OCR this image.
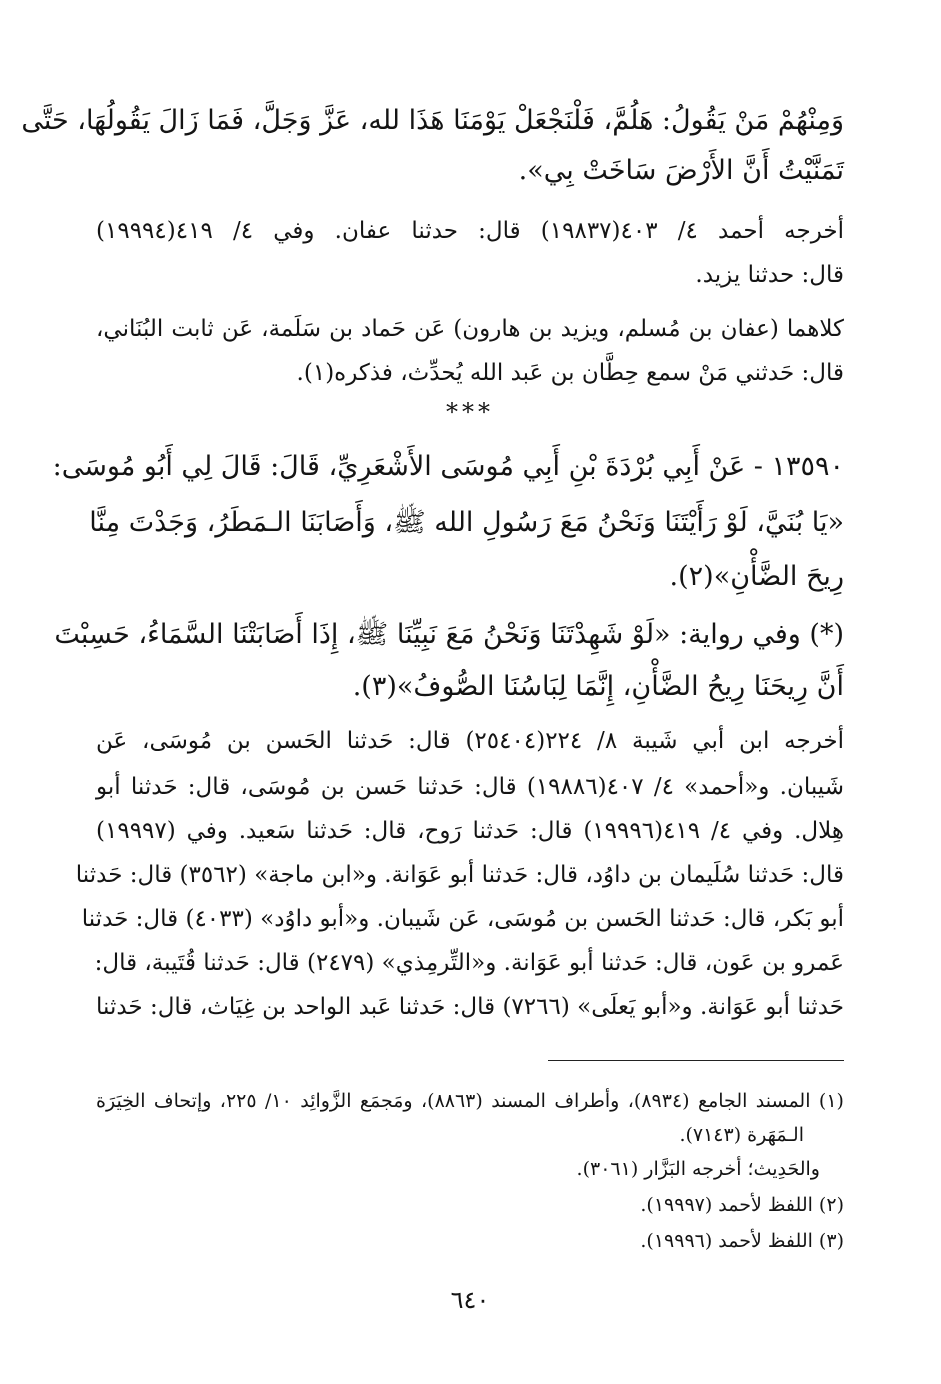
وَمِنْهُمْ مَنْ يَقُولُ: هَلُمَّ، فَلْنَجْعَلْ يَوْمَنَا هَذَا لله، عَزَّ وَجَلَّ، فَمَا زَالَ يَقُولُهَا، حَتَّى
تَمَنَّيْتُ أَنَّ الأَرْضَ سَاخَتْ بِي».
أخرجه أحمد ٤/ ٤٠٣(١٩٨٣٧) قال: حدثنا عفان. وفي ٤/ ٤١٩(١٩٩٩٤)
قال: حدثنا يزيد.
كلاهما (عفان بن مُسلم، ويزيد بن هارون) عَن حَماد بن سَلَمة، عَن ثابت البُنَاني،
قال: حَدثني مَنْ سمع حِطَّان بن عَبد الله يُحدِّث، فذكره(١).
***
١٣٥٩٠ - عَنْ أَبِي بُرْدَةَ بْنِ أَبِي مُوسَى الأَشْعَرِيِّ، قَالَ: قَالَ لِي أَبُو مُوسَى:
«يَا بُنَيَّ، لَوْ رَأَيْتَنَا وَنَحْنُ مَعَ رَسُولِ الله ﷺ، وَأَصَابَنَا الـمَطَرُ، وَجَدْتَ مِنَّا
رِيحَ الضَّأْنِ»(٢).
(*) وفي رواية: «لَوْ شَهِدْتَنَا وَنَحْنُ مَعَ نَبِيِّنَا ﷺ، إِذَا أَصَابَتْنَا السَّمَاءُ، حَسِبْتَ
أَنَّ رِيحَنَا رِيحُ الضَّأْنِ، إِنَّمَا لِبَاسُنَا الصُّوفُ»(٣).
أخرجه ابن أبي شَيبة ٨/ ٢٢٤(٢٥٤٠٤) قال: حَدثنا الحَسن بن مُوسَى، عَن
شَيبان. و«أحمد» ٤/ ٤٠٧(١٩٨٨٦) قال: حَدثنا حَسن بن مُوسَى، قال: حَدثنا أبو
هِلال. وفي ٤/ ٤١٩(١٩٩٩٦) قال: حَدثنا رَوح، قال: حَدثنا سَعيد. وفي (١٩٩٩٧)
قال: حَدثنا سُلَيمان بن داوُد، قال: حَدثنا أبو عَوَانة. و«ابن ماجة» (٣٥٦٢) قال: حَدثنا
أبو بَكر، قال: حَدثنا الحَسن بن مُوسَى، عَن شَيبان. و«أبو داوُد» (٤٠٣٣) قال: حَدثنا
عَمرو بن عَون، قال: حَدثنا أبو عَوَانة. و«التِّرمِذي» (٢٤٧٩) قال: حَدثنا قُتَيبة، قال:
حَدثنا أبو عَوَانة. و«أبو يَعلَى» (٧٢٦٦) قال: حَدثنا عَبد الواحد بن غِيَاث، قال: حَدثنا
(١) المسند الجامع (٨٩٣٤)، وأطراف المسند (٨٨٦٣)، ومَجمَع الزَّوائِد ١٠/ ٢٢٥، وإتحاف الخِيَرَة
الـمَهَرة (٧١٤٣).
والحَدِيث؛ أخرجه البَزَّار (٣٠٦١).
(٢) اللفظ لأحمد (١٩٩٩٧).
(٣) اللفظ لأحمد (١٩٩٩٦).
٦٤٠
